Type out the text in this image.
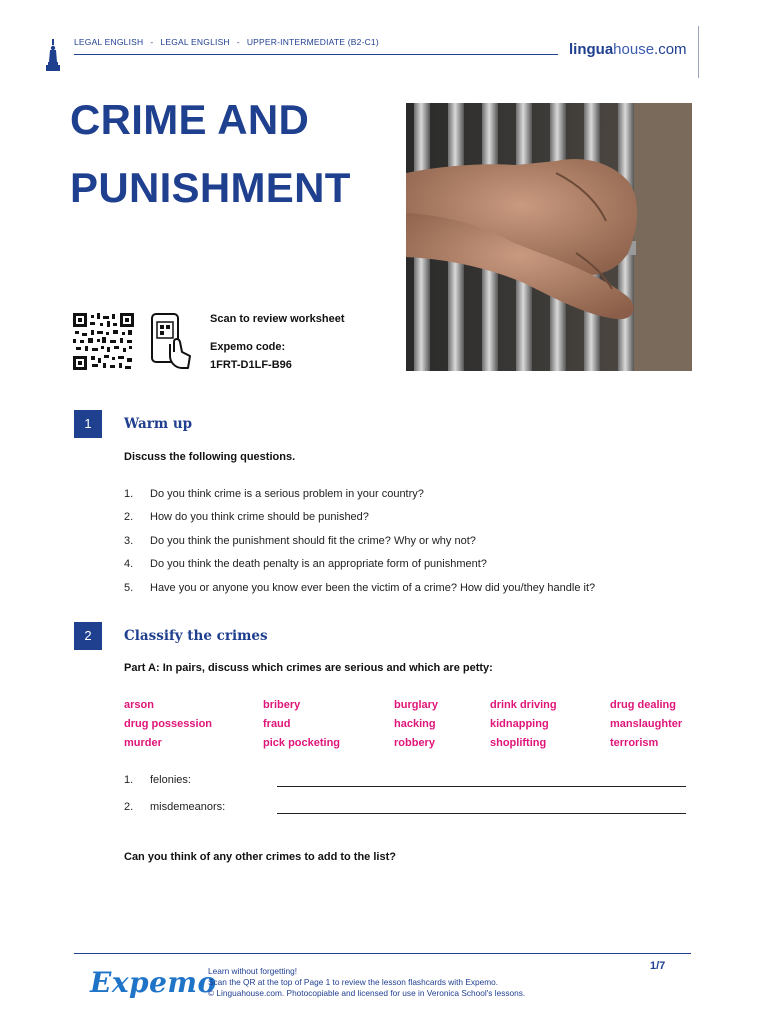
LEGAL ENGLISH - LEGAL ENGLISH - UPPER-INTERMEDIATE (B2-C1)	linguahouse.com
CRIME AND
PUNISHMENT
Scan to review worksheet
Expemo code:
1FRT-D1LF-B96
1	Warm up
Discuss the following questions.
1. Do you think crime is a serious problem in your country?
2. How do you think crime should be punished?
3. Do you think the punishment should fit the crime? Why or why not?
4. Do you think the death penalty is an appropriate form of punishment?
5. Have you or anyone you know ever been the victim of a crime? How did you/they handle it?
2	Classify the crimes
Part A: In pairs, discuss which crimes are serious and which are petty:
arson	bribery	burglary	drink driving	drug dealing
drug possession	fraud	hacking	kidnapping	manslaughter
murder	pick pocketing	robbery	shoplifting	terrorism
1. felonies:
2. misdemeanors:
Can you think of any other crimes to add to the list?
Expemo
Learn without forgetting!
Scan the QR at the top of Page 1 to review the lesson flashcards with Expemo.
© Linguahouse.com. Photocopiable and licensed for use in Veronica School's lessons.
1/7
